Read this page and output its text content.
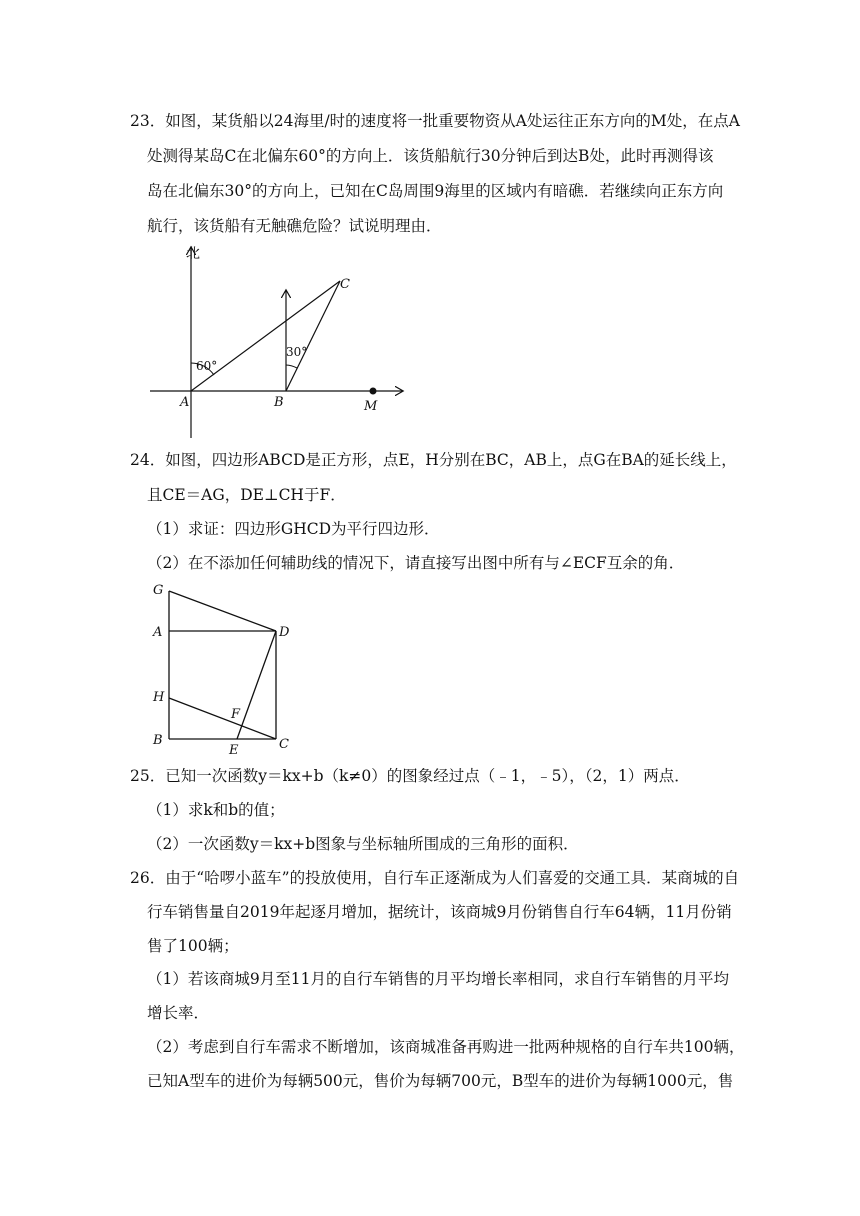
23．如图，某货船以24海里/时的速度将一批重要物资从A处运往正东方向的M处，在点A
处测得某岛C在北偏东60°的方向上．该货船航行30分钟后到达B处，此时再测得该
岛在北偏东30°的方向上，已知在C岛周围9海里的区域内有暗礁．若继续向正东方向
航行，该货船有无触礁危险？试说明理由．
北
60°
30°
A	B
C
M
24．如图，四边形ABCD是正方形，点E，H分别在BC，AB上，点G在BA的延长线上，
且CE＝AG，DE⊥CH于F．
（1）求证：四边形GHCD为平行四边形．
（2）在不添加任何辅助线的情况下，请直接写出图中所有与∠ECF互余的角．
G
A	D
H
F
B
E	C
25．已知一次函数y＝kx+b（k≠0）的图象经过点（﹣1，﹣5），（2，1）两点．
（1）求k和b的值；
（2）一次函数y＝kx+b图象与坐标轴所围成的三角形的面积．
26．由于“哈啰小蓝车”的投放使用，自行车正逐渐成为人们喜爱的交通工具．某商城的自
行车销售量自2019年起逐月增加，据统计，该商城9月份销售自行车64辆，11月份销
售了100辆；
（1）若该商城9月至11月的自行车销售的月平均增长率相同，求自行车销售的月平均
增长率．
（2）考虑到自行车需求不断增加，该商城准备再购进一批两种规格的自行车共100辆，
已知A型车的进价为每辆500元，售价为每辆700元，B型车的进价为每辆1000元，售
